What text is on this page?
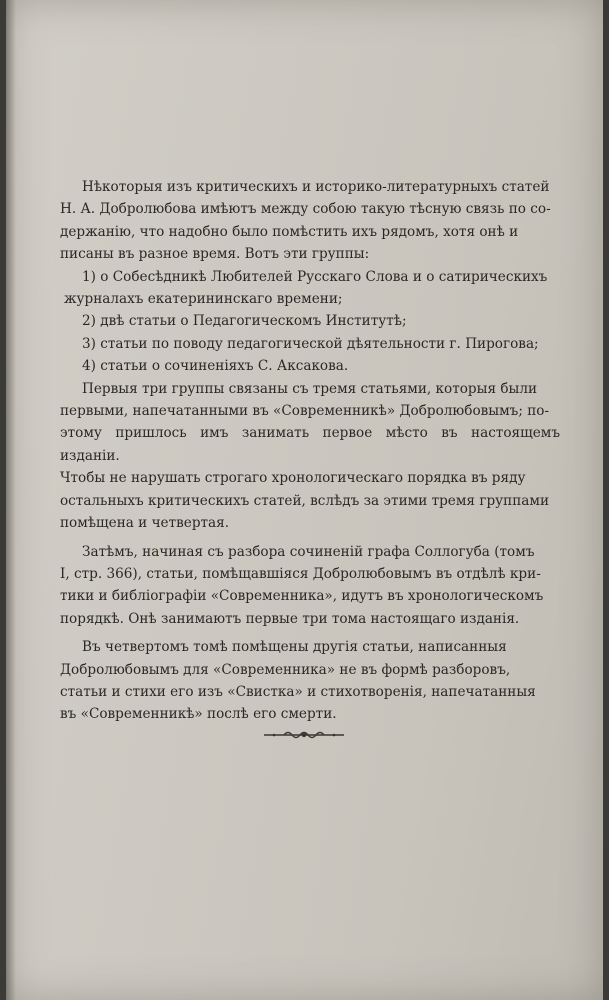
Нѣкоторыя изъ критическихъ и историко-литературныхъ статей
Н. А. Добролюбова имѣютъ между собою такую тѣсную связь по со-
держанію, что надобно было помѣстить ихъ рядомъ, хотя онѣ и
писаны въ разное время. Вотъ эти группы:

1) о Собесѣдникѣ Любителей Русскаго Слова и о сатирическихъ

журналахъ екатерининскаго времени;

2) двѣ статьи о Педагогическомъ Институтѣ;

3) статьи по поводу педагогической дѣятельности г. Пирогова;

4) статьи о сочиненіяхъ С. Аксакова.

Первыя три группы связаны съ тремя статьями, которыя были
первыми, напечатанными въ «Современникѣ» Добролюбовымъ; по-
этому пришлось имъ занимать первое мѣсто въ настоящемъ изданіи.
Чтобы не нарушать строгаго хронологическаго порядка въ ряду
остальныхъ критическихъ статей, вслѣдъ за этими тремя группами
помѣщена и четвертая.

Затѣмъ, начиная съ разбора сочиненій графа Соллогуба (томъ
I, стр. 366), статьи, помѣщавшіяся Добролюбовымъ въ отдѣлѣ кри-
тики и библіографіи «Современника», идутъ въ хронологическомъ
порядкѣ. Онѣ занимаютъ первые три тома настоящаго изданія.

Въ четвертомъ томѣ помѣщены другія статьи, написанныя
Добролюбовымъ для «Современника» не въ формѣ разборовъ,
статьи и стихи его изъ «Свистка» и стихотворенія, напечатанныя
въ «Современникѣ» послѣ его смерти.
